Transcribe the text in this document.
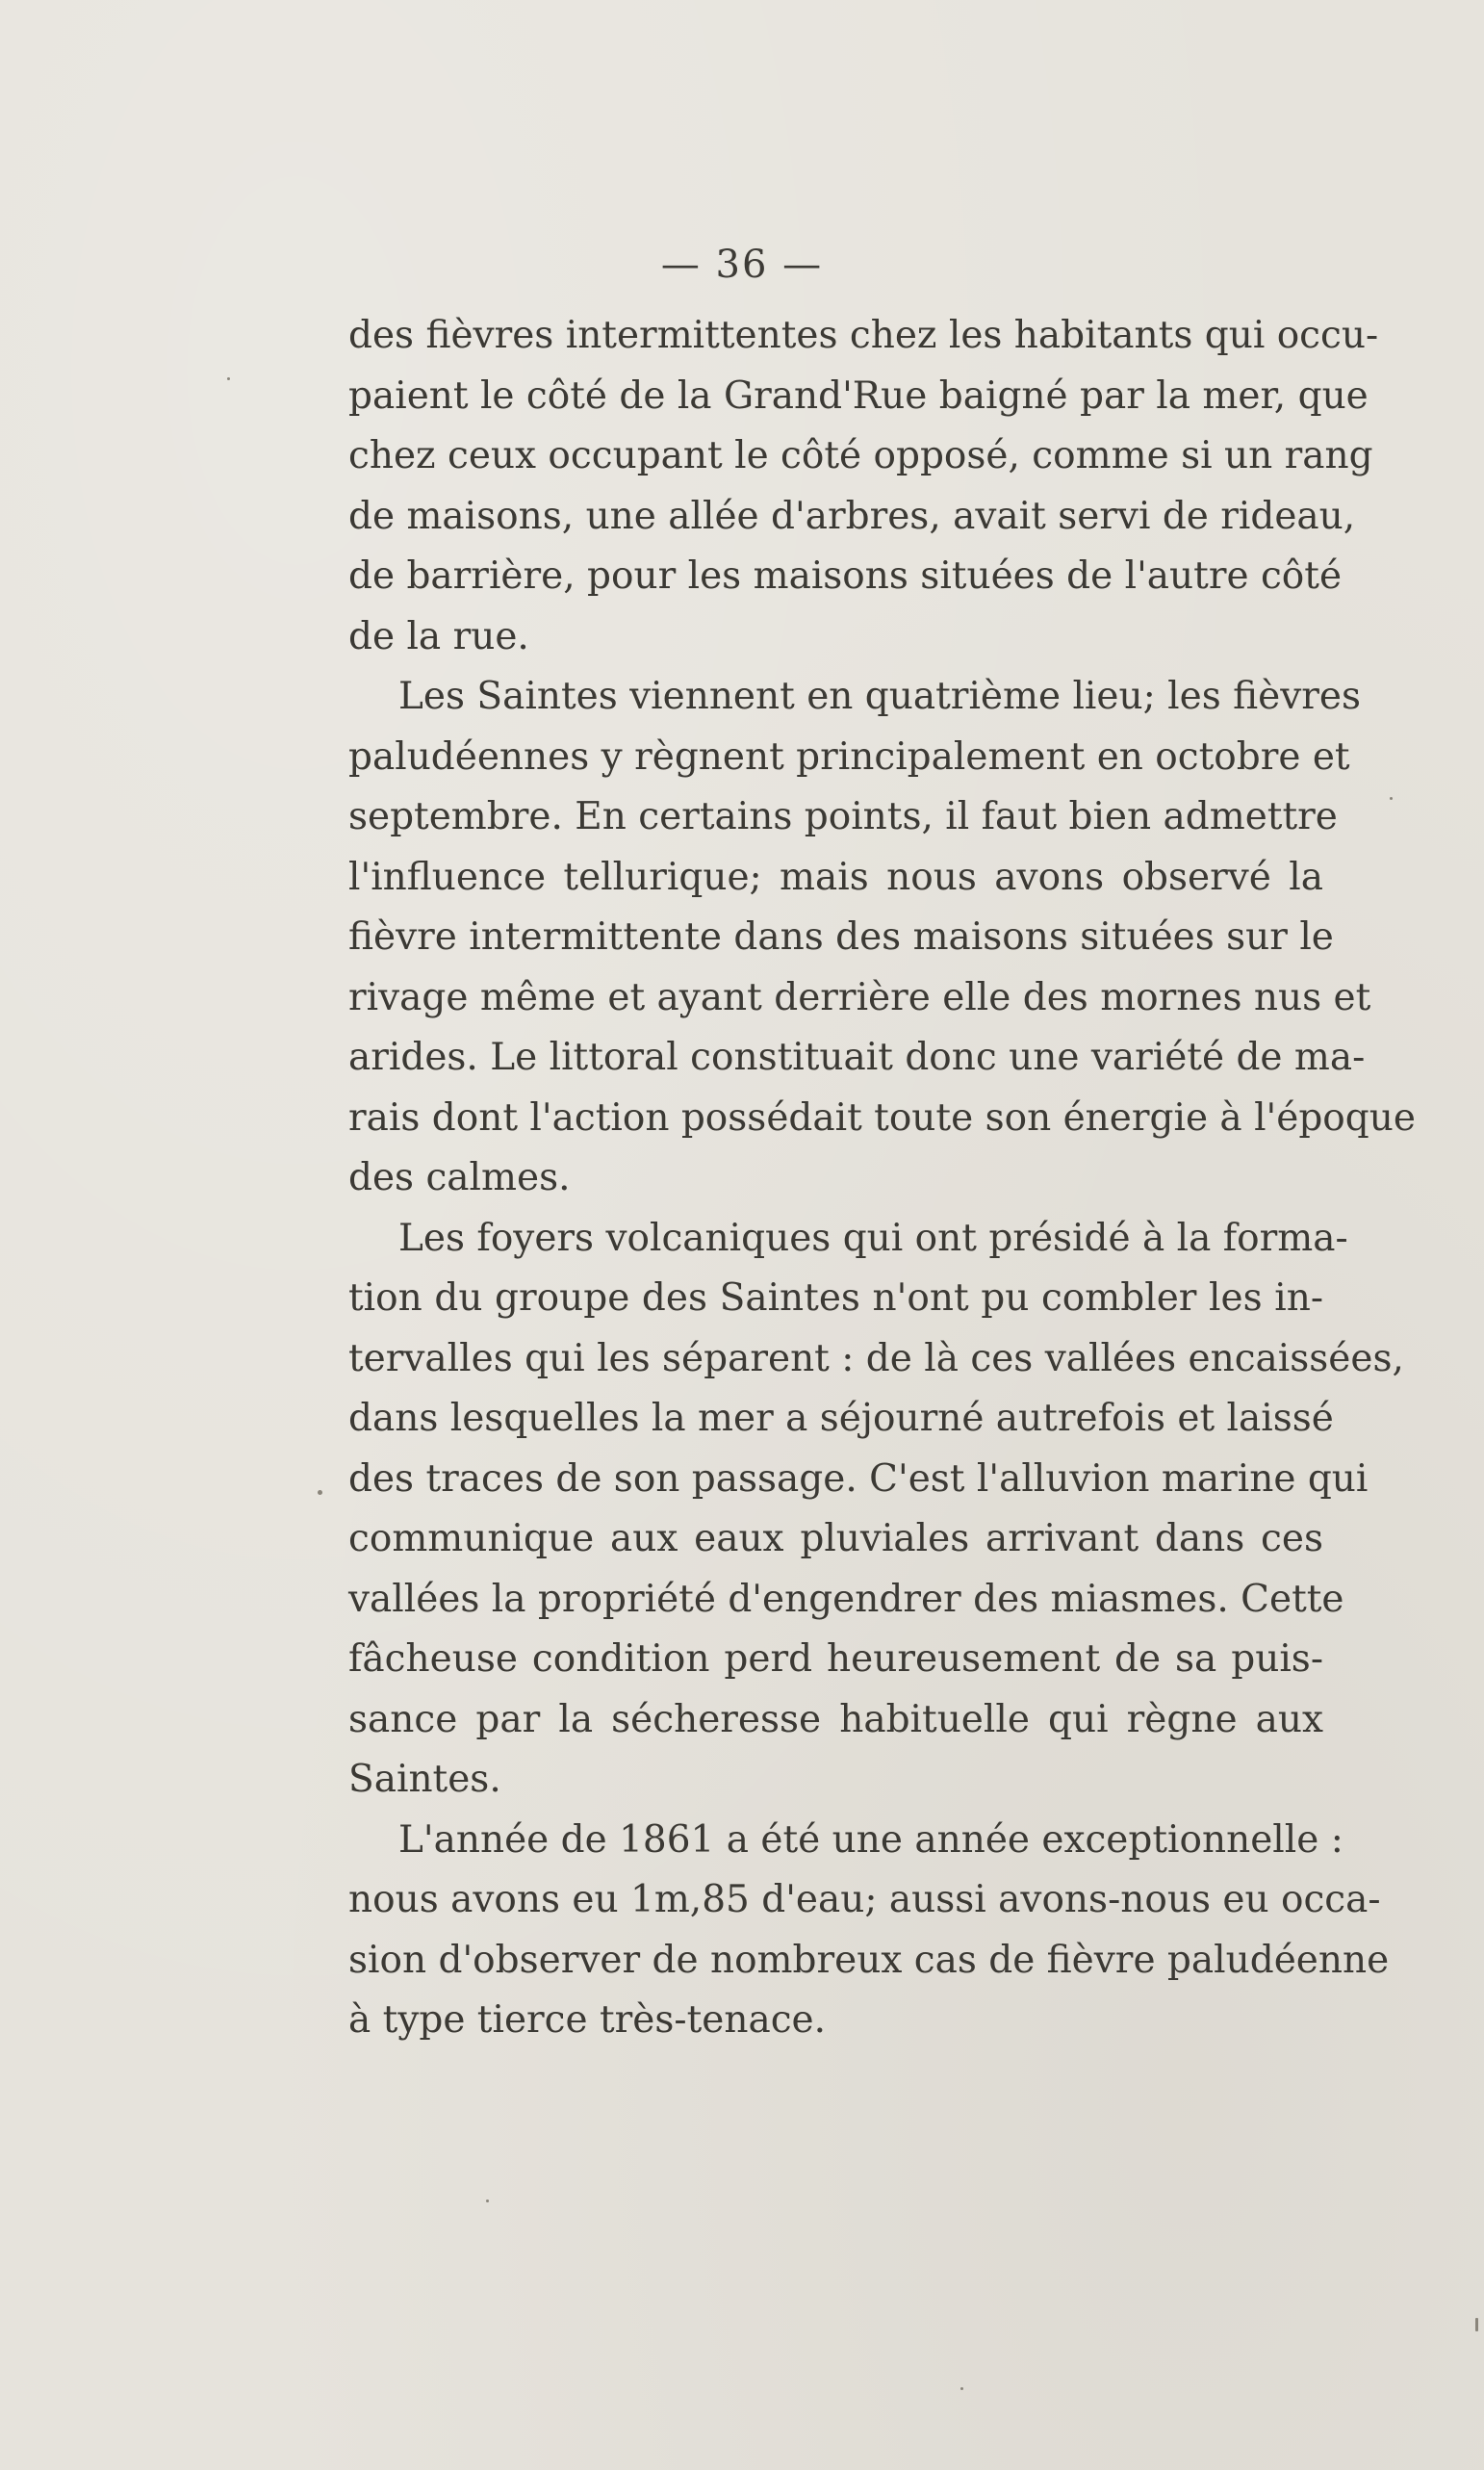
— 36 —
des fièvres intermittentes chez les habitants qui occu-
paient le côté de la Grand'Rue baigné par la mer, que
chez ceux occupant le côté opposé, comme si un rang
de maisons, une allée d'arbres, avait servi de rideau,
de barrière, pour les maisons situées de l'autre côté
de la rue.
Les Saintes viennent en quatrième lieu; les fièvres
paludéennes y règnent principalement en octobre et
septembre. En certains points, il faut bien admettre
l'influence tellurique; mais nous avons observé la
fièvre intermittente dans des maisons situées sur le
rivage même et ayant derrière elle des mornes nus et
arides. Le littoral constituait donc une variété de ma-
rais dont l'action possédait toute son énergie à l'époque
des calmes.
Les foyers volcaniques qui ont présidé à la forma-
tion du groupe des Saintes n'ont pu combler les in-
tervalles qui les séparent : de là ces vallées encaissées,
dans lesquelles la mer a séjourné autrefois et laissé
des traces de son passage. C'est l'alluvion marine qui
communique aux eaux pluviales arrivant dans ces
vallées la propriété d'engendrer des miasmes. Cette
fâcheuse condition perd heureusement de sa puis-
sance par la sécheresse habituelle qui règne aux
Saintes.
L'année de 1861 a été une année exceptionnelle :
nous avons eu 1m,85 d'eau; aussi avons-nous eu occa-
sion d'observer de nombreux cas de fièvre paludéenne
à type tierce très-tenace.
